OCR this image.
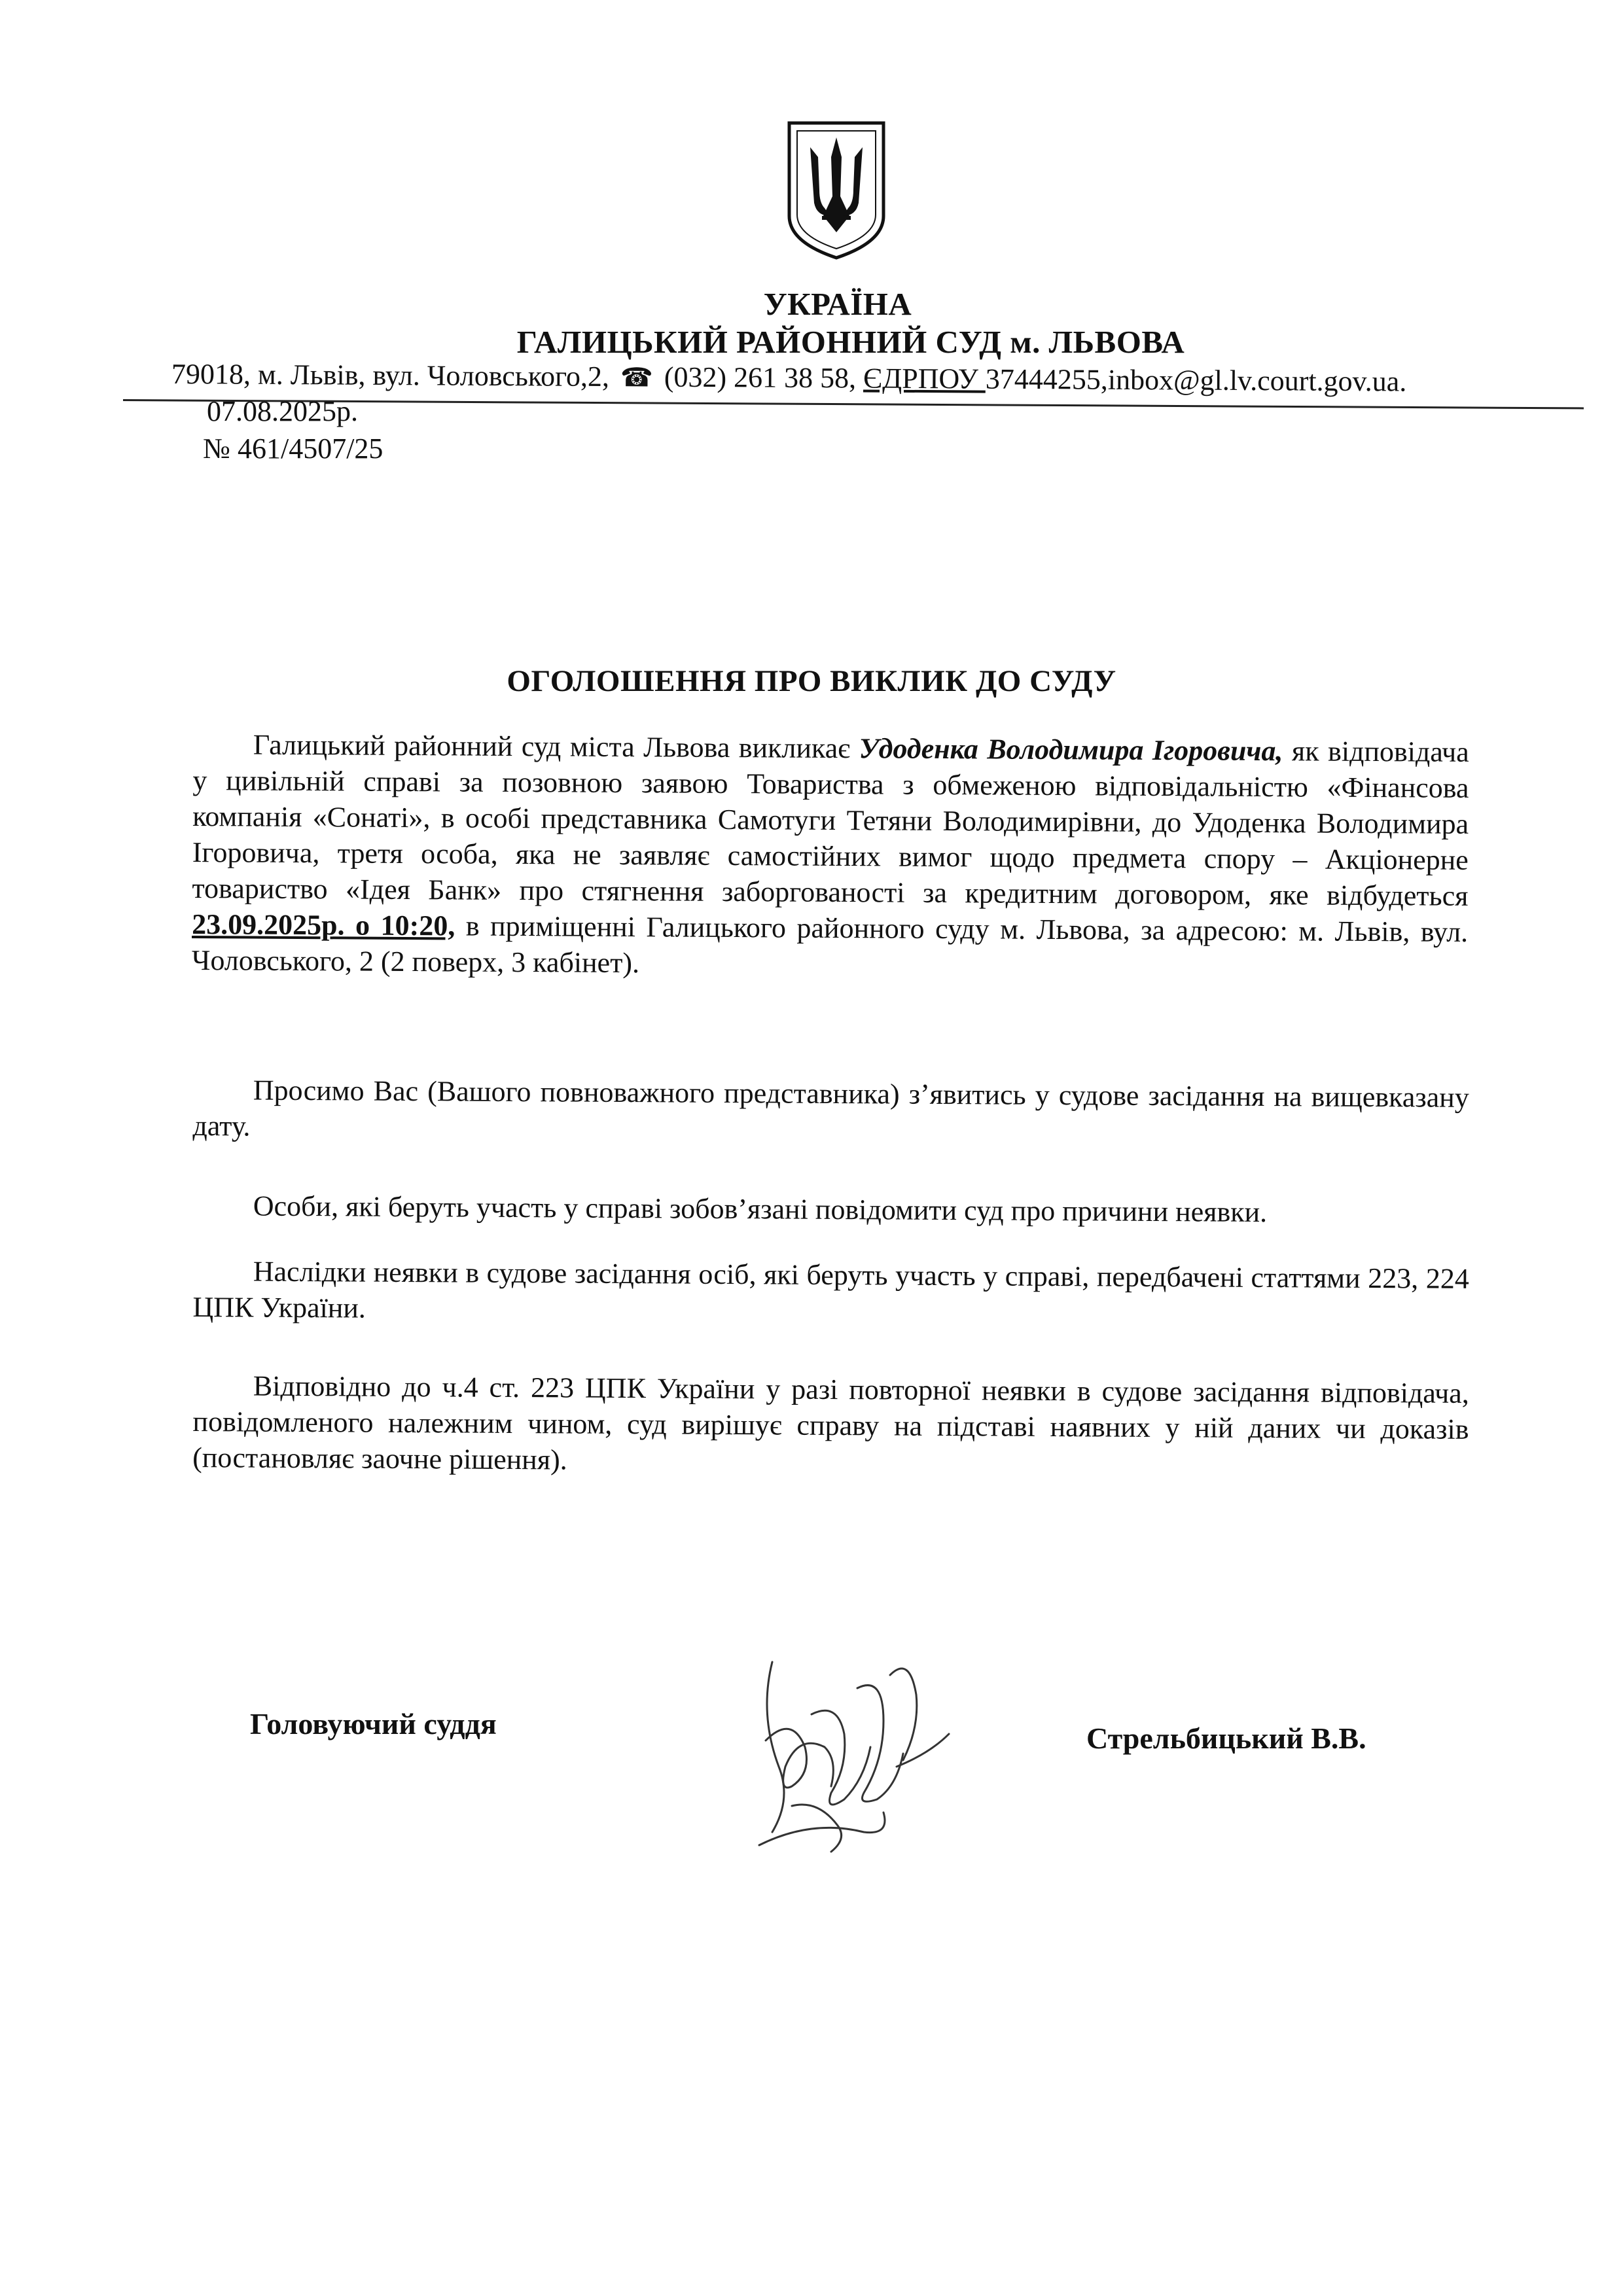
УКРАЇНА
ГАЛИЦЬКИЙ РАЙОННИЙ СУД м. ЛЬВОВА
79018, м. Львів, вул. Чоловського,2, ☎ (032) 261 38 58, ЄДРПОУ 37444255,inbox@gl.lv.court.gov.ua.
07.08.2025р.
№ 461/4507/25
ОГОЛОШЕННЯ ПРО ВИКЛИК ДО СУДУ
Галицький районний суд міста Львова викликає Удоденка Володимира Ігоровича, як відповідача у цивільній справі за позовною заявою Товариства з обмеженою відповідальністю «Фінансова компанія «Сонаті», в особі представника Самотуги Тетяни Володимирівни, до Удоденка Володимира Ігоровича, третя особа, яка не заявляє самостійних вимог щодо предмета спору – Акціонерне товариство «Ідея Банк» про стягнення заборгованості за кредитним договором, яке відбудеться 23.09.2025р. о 10:20, в приміщенні Галицького районного суду м. Львова, за адресою: м. Львів, вул. Чоловського, 2 (2 поверх, 3 кабінет).
Просимо Вас (Вашого повноважного представника) з’явитись у судове засідання на вищевказану дату.
Особи, які беруть участь у справі зобов’язані повідомити суд про причини неявки.
Наслідки неявки в судове засідання осіб, які беруть участь у справі, передбачені статтями 223, 224 ЦПК України.
Відповідно до ч.4 ст. 223 ЦПК України у разі повторної неявки в судове засідання відповідача, повідомленого належним чином, суд вирішує справу на підставі наявних у ній даних чи доказів (постановляє заочне рішення).
Головуючий суддя	Стрельбицький В.В.
